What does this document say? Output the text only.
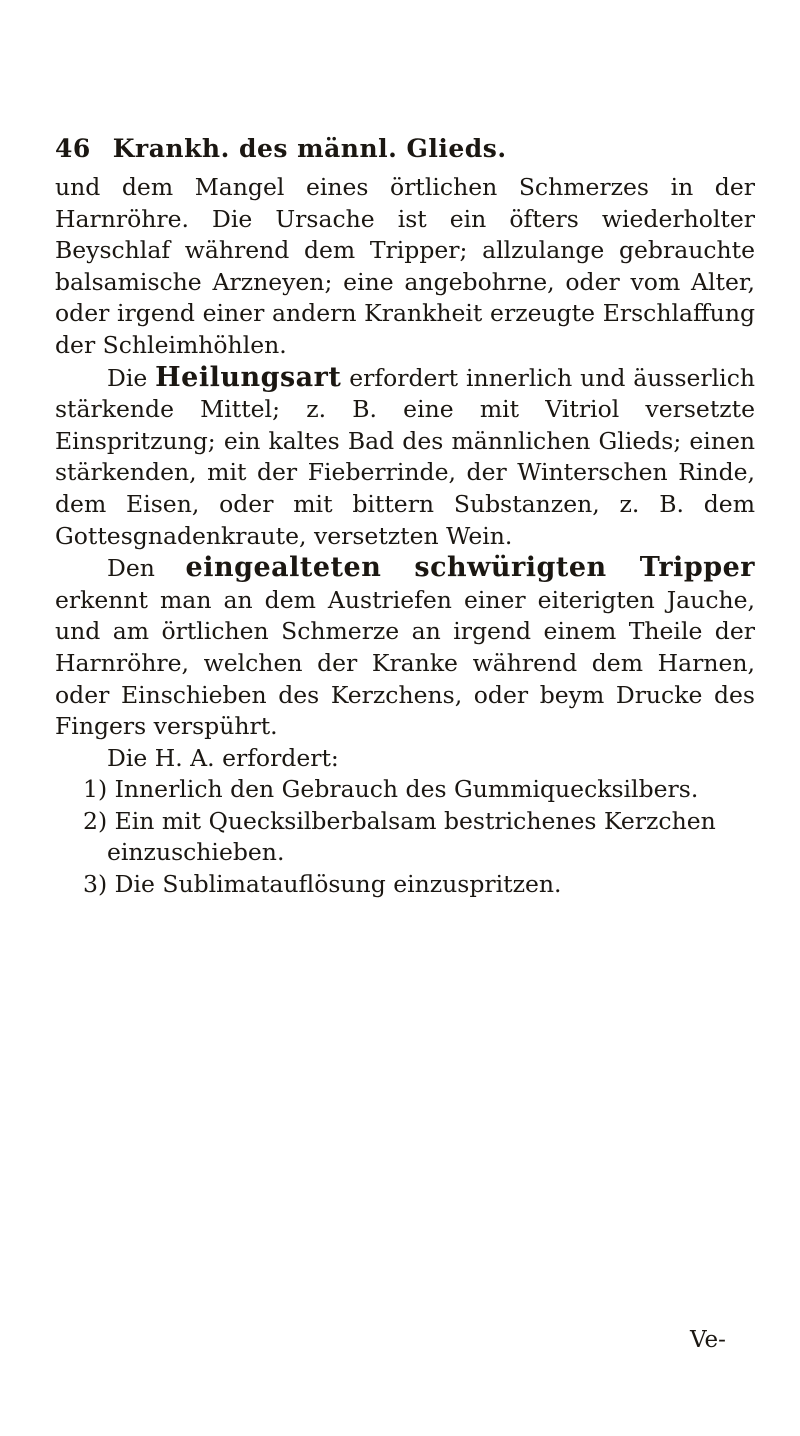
46 Krankh. des männl. Glieds.

und dem Mangel eines örtlichen Schmerzes in der Harnröhre. Die Ursache ist ein öfters wiederholter Beyschlaf während dem Tripper; allzulange gebrauchte balsamische Arzneyen; eine angebohrne, oder vom Alter, oder irgend einer andern Krankheit erzeugte Erschlaffung der Schleimhöhlen.

Die Heilungsart erfordert innerlich und äusserlich stärkende Mittel; z. B. eine mit Vitriol versetzte Einspritzung; ein kaltes Bad des männlichen Glieds; einen stärkenden, mit der Fieberrinde, der Winterschen Rinde, dem Eisen, oder mit bittern Substanzen, z. B. dem Gottesgnadenkraute, versetzten Wein.

Den eingealteten schwürigten Tripper erkennt man an dem Austriefen einer eiterigten Jauche, und am örtlichen Schmerze an irgend einem Theile der Harnröhre, welchen der Kranke während dem Harnen, oder Einschieben des Kerzchens, oder beym Drucke des Fingers verspührt.

Die H. A. erfordert:

1) Innerlich den Gebrauch des Gummiquecksilbers.
2) Ein mit Quecksilberbalsam bestrichenes Kerzchen einzuschieben.
3) Die Sublimatauflösung einzuspritzen.
Ve-
